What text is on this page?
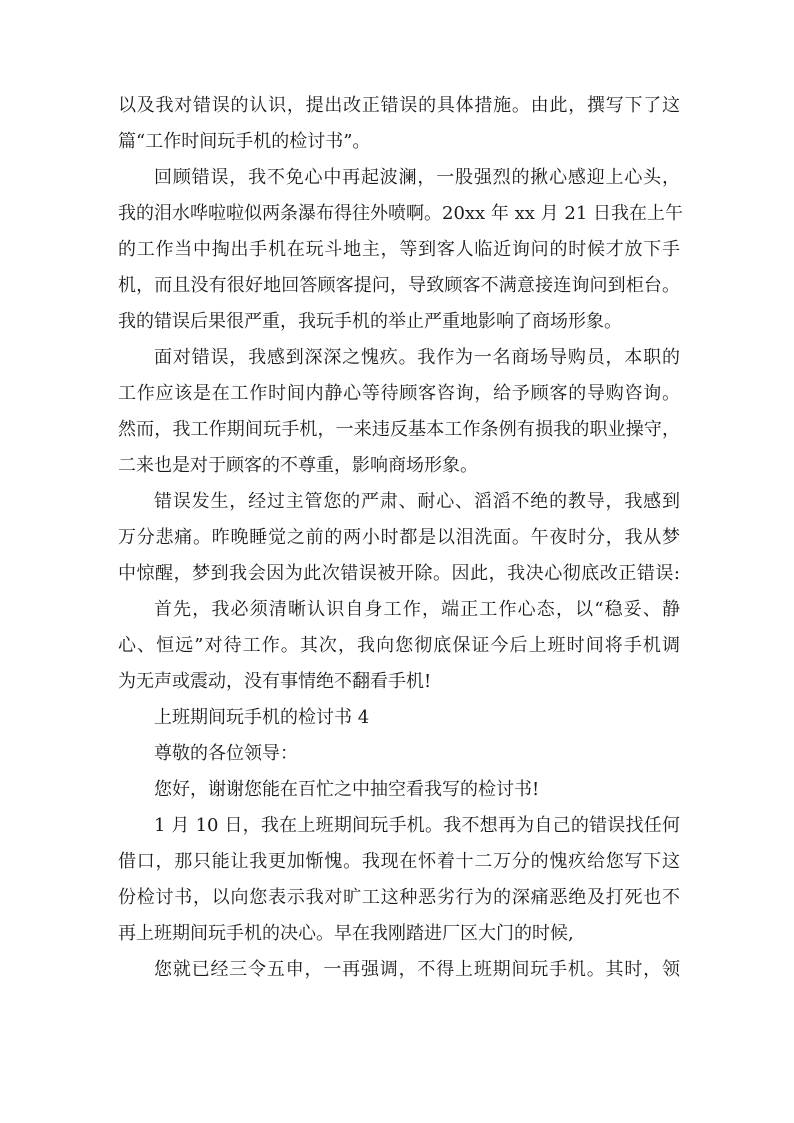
以及我对错误的认识，提出改正错误的具体措施。由此，撰写下了这
篇“工作时间玩手机的检讨书”。
回顾错误，我不免心中再起波澜，一股强烈的揪心感迎上心头，
我的泪水哗啦啦似两条瀑布得往外喷啊。20xx 年 xx 月 21 日我在上午
的工作当中掏出手机在玩斗地主，等到客人临近询问的时候才放下手
机，而且没有很好地回答顾客提问，导致顾客不满意接连询问到柜台。
我的错误后果很严重，我玩手机的举止严重地影响了商场形象。
面对错误，我感到深深之愧疚。我作为一名商场导购员，本职的
工作应该是在工作时间内静心等待顾客咨询，给予顾客的导购咨询。
然而，我工作期间玩手机，一来违反基本工作条例有损我的职业操守，
二来也是对于顾客的不尊重，影响商场形象。
错误发生，经过主管您的严肃、耐心、滔滔不绝的教导，我感到
万分悲痛。昨晚睡觉之前的两小时都是以泪洗面。午夜时分，我从梦
中惊醒，梦到我会因为此次错误被开除。因此，我决心彻底改正错误:
首先，我必须清晰认识自身工作，端正工作心态，以“稳妥、静
心、恒远”对待工作。其次，我向您彻底保证今后上班时间将手机调
为无声或震动，没有事情绝不翻看手机!
上班期间玩手机的检讨书 4
尊敬的各位领导：
您好，谢谢您能在百忙之中抽空看我写的检讨书!
1 月 10 日，我在上班期间玩手机。我不想再为自己的错误找任何
借口，那只能让我更加惭愧。我现在怀着十二万分的愧疚给您写下这
份检讨书，以向您表示我对旷工这种恶劣行为的深痛恶绝及打死也不
再上班期间玩手机的决心。早在我刚踏进厂区大门的时候,
您就已经三令五申，一再强调，不得上班期间玩手机。其时，领
